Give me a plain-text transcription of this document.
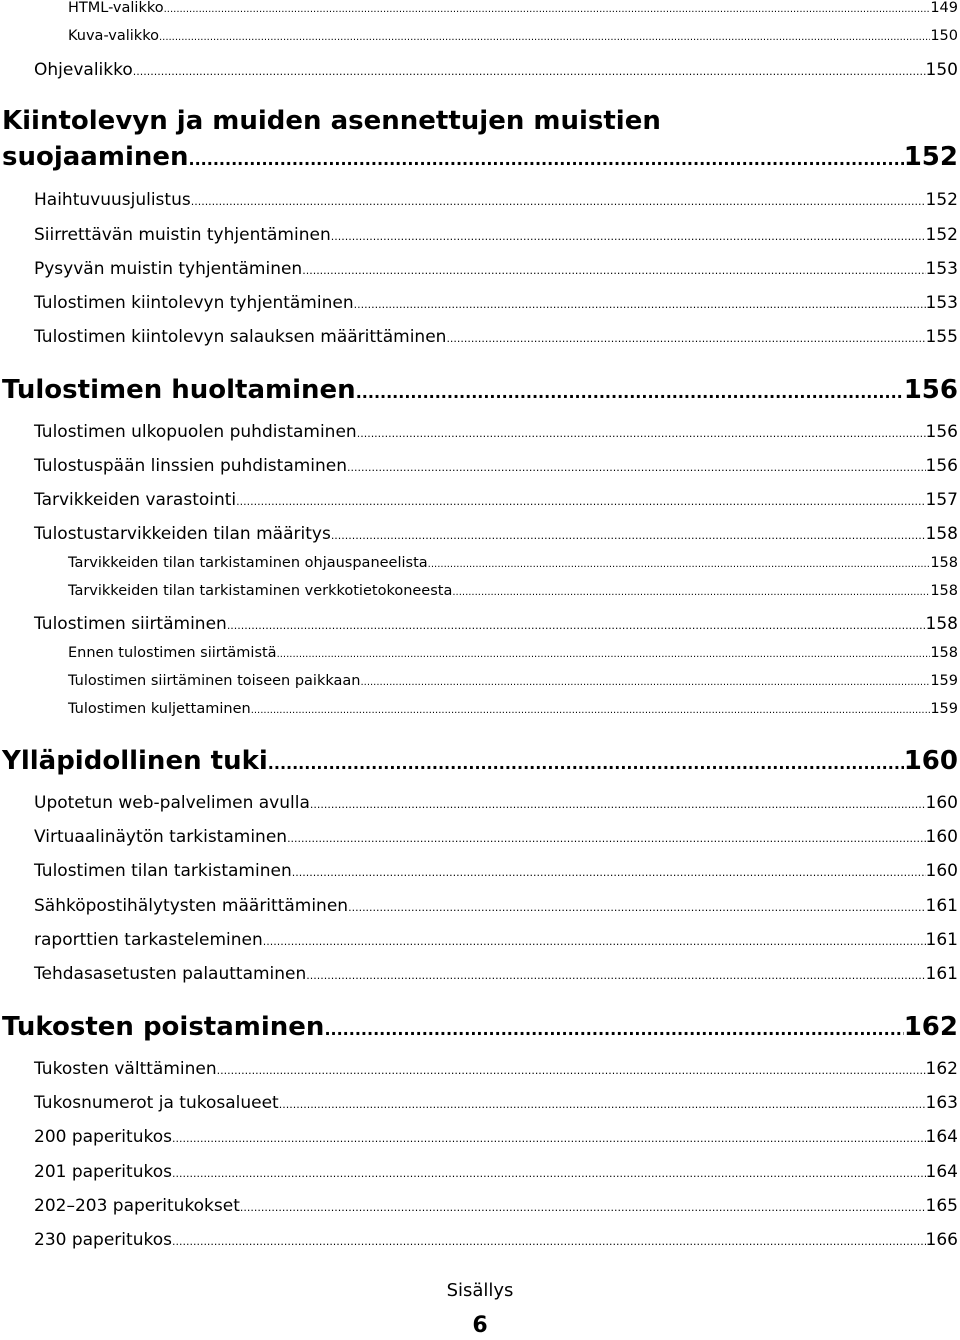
HTML-valikko .....	149
Kuva-valikko .....	150
Ohjevalikko .....	150
Kiintolevyn ja muiden asennettujen muistien
suojaaminen .....	152
Haihtuvuusjulistus .....	152
Siirrettävän muistin tyhjentäminen .....	152
Pysyvän muistin tyhjentäminen .....	153
Tulostimen kiintolevyn tyhjentäminen .....	153
Tulostimen kiintolevyn salauksen määrittäminen .....	155
Tulostimen huoltaminen .....	156
Tulostimen ulkopuolen puhdistaminen .....	156
Tulostuspään linssien puhdistaminen .....	156
Tarvikkeiden varastointi .....	157
Tulostustarvikkeiden tilan määritys .....	158
Tarvikkeiden tilan tarkistaminen ohjauspaneelista .....	158
Tarvikkeiden tilan tarkistaminen verkkotietokoneesta .....	158
Tulostimen siirtäminen .....	158
Ennen tulostimen siirtämistä .....	158
Tulostimen siirtäminen toiseen paikkaan .....	159
Tulostimen kuljettaminen .....	159
Ylläpidollinen tuki .....	160
Upotetun web-palvelimen avulla .....	160
Virtuaalinäytön tarkistaminen .....	160
Tulostimen tilan tarkistaminen .....	160
Sähköpostihälytysten määrittäminen .....	161
raporttien tarkasteleminen .....	161
Tehdasasetusten palauttaminen .....	161
Tukosten poistaminen .....	162
Tukosten välttäminen .....	162
Tukosnumerot ja tukosalueet .....	163
200 paperitukos .....	164
201 paperitukos .....	164
202–203 paperitukokset .....	165
230 paperitukos .....	166
Sisällys
6
